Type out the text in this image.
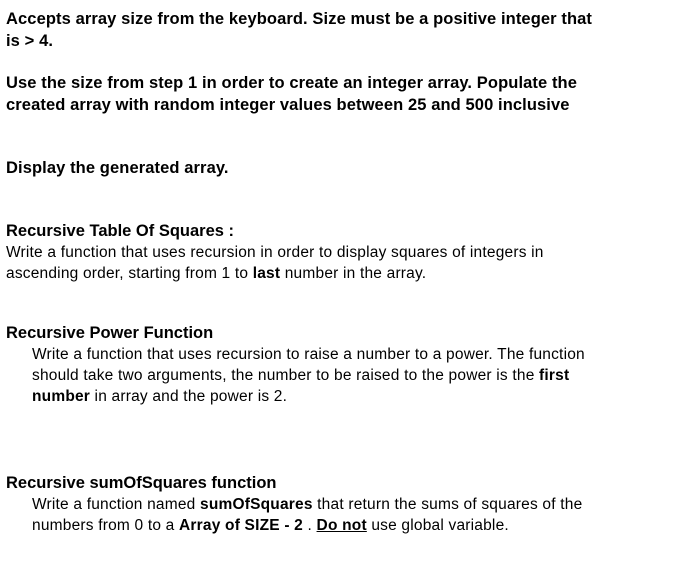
Accepts array size from the keyboard. Size must be a positive integer that
is > 4.
Use the size from step 1 in order to create an integer array. Populate the
created array with random integer values between 25 and 500 inclusive
Display the generated array.
Recursive Table Of Squares :
Write a function that uses recursion in order to display squares of integers in
ascending order, starting from 1 to last number in the array.
Recursive Power Function
Write a function that uses recursion to raise a number to a power. The function
should take two arguments, the number to be raised to the power is the first
number in array and the power is 2.
Recursive sumOfSquares function
Write a function named sumOfSquares that return the sums of squares of the
numbers from 0 to a Array of SIZE - 2 . Do not use global variable.
